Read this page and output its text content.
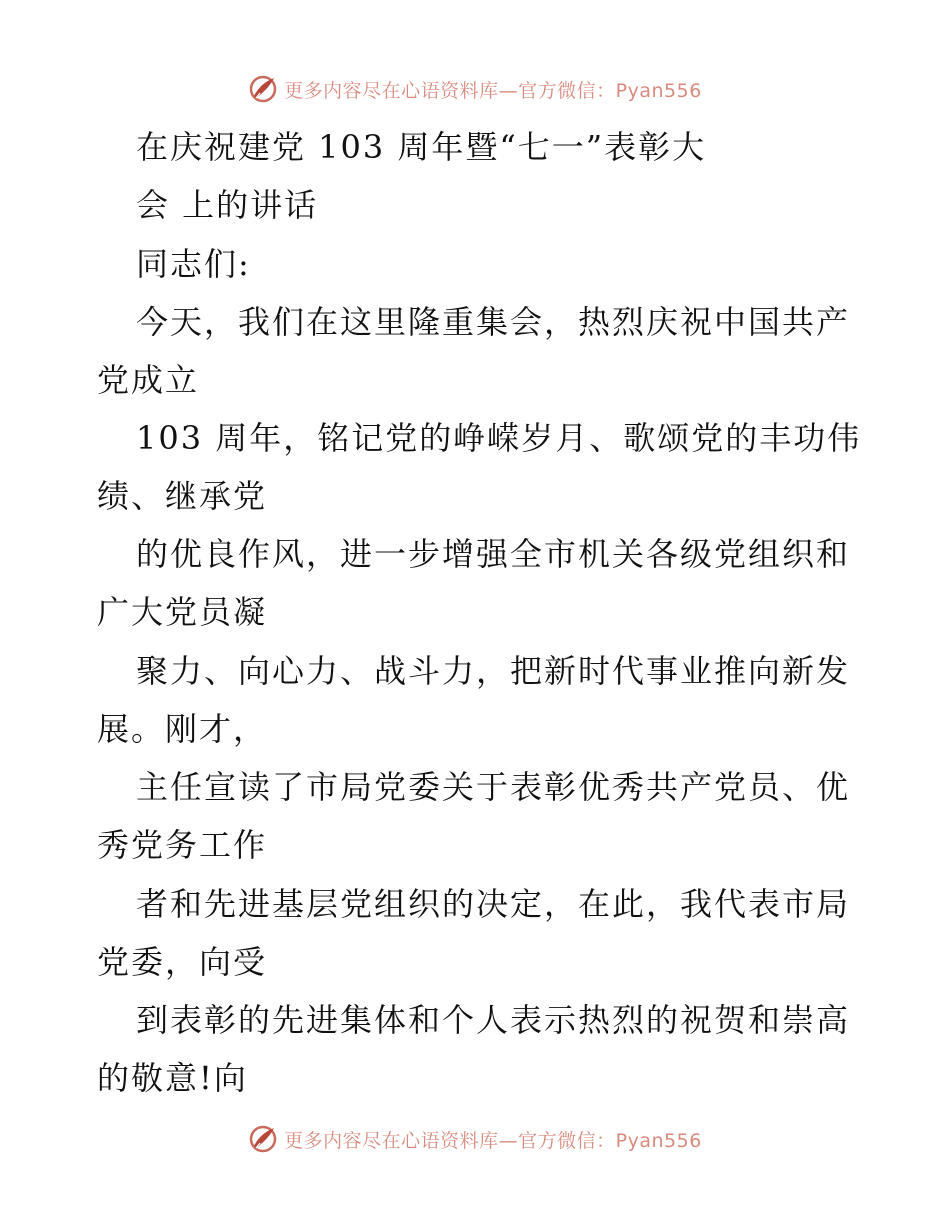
更多内容尽在心语资料库—官方微信：Pyan556
在庆祝建党 103 周年暨“七一”表彰大
会 上的讲话
同志们:
今天，我们在这里隆重集会，热烈庆祝中国共产
党成立
103 周年，铭记党的峥嵘岁月、歌颂党的丰功伟
绩、继承党
的优良作风，进一步增强全市机关各级党组织和
广大党员凝
聚力、向心力、战斗力，把新时代事业推向新发
展。刚才，
主任宣读了市局党委关于表彰优秀共产党员、优
秀党务工作
者和先进基层党组织的决定，在此，我代表市局
党委，向受
到表彰的先进集体和个人表示热烈的祝贺和崇高
的敬意!向
更多内容尽在心语资料库—官方微信：Pyan556
